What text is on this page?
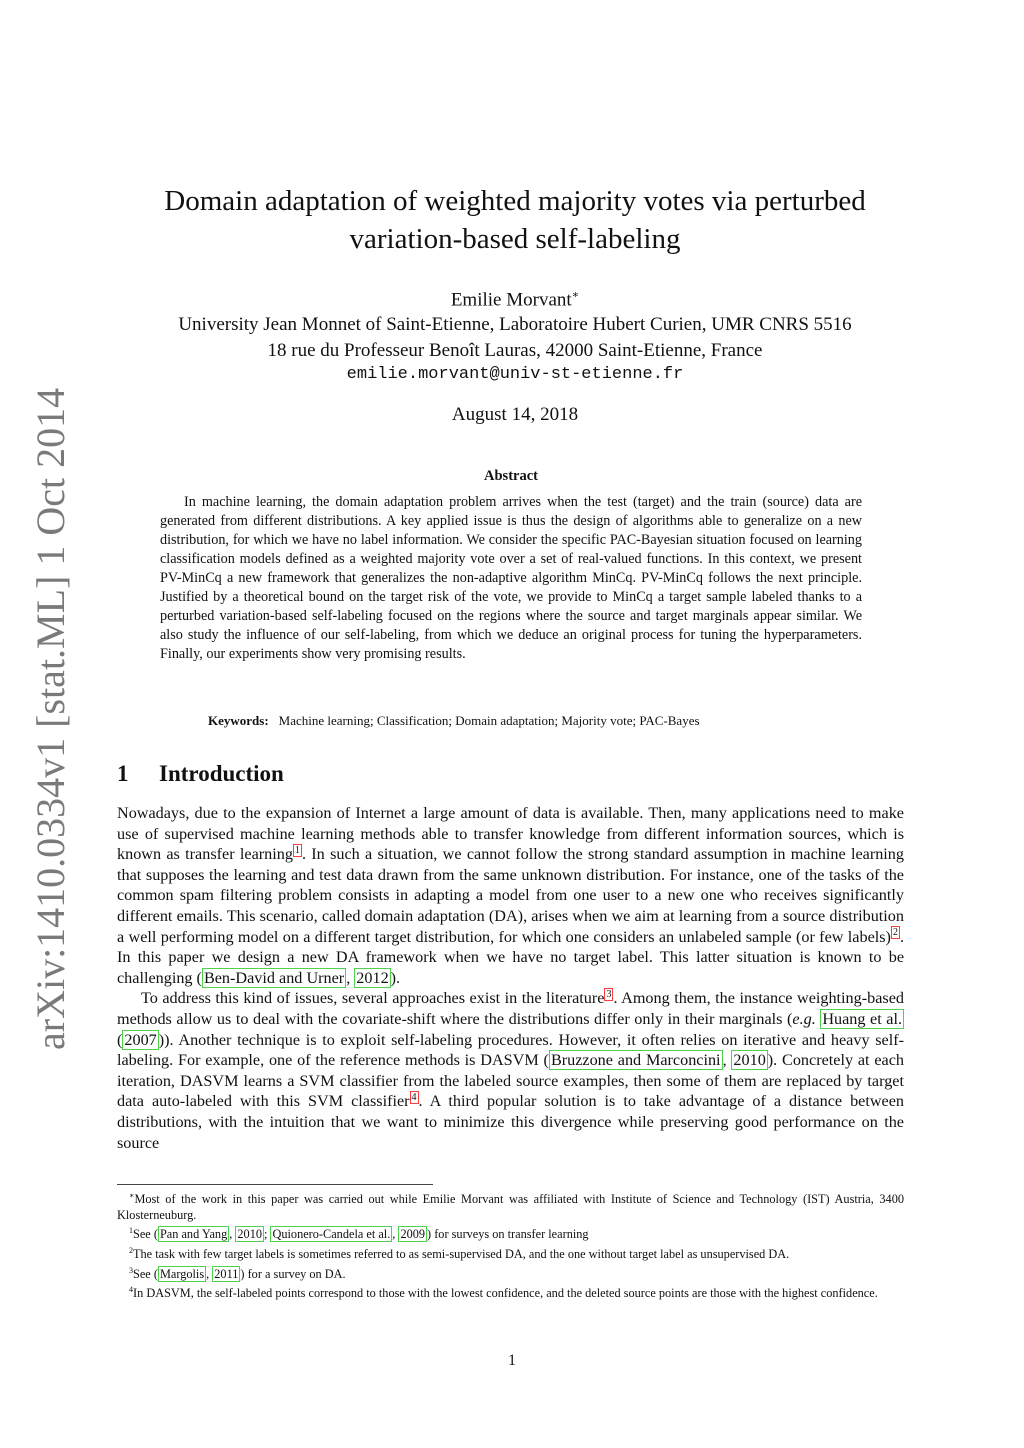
arXiv:1410.0334v1 [stat.ML] 1 Oct 2014
Domain adaptation of weighted majority votes via perturbed
variation-based self-labeling
Emilie Morvant∗
University Jean Monnet of Saint-Etienne, Laboratoire Hubert Curien, UMR CNRS 5516
18 rue du Professeur Benoît Lauras, 42000 Saint-Etienne, France
emilie.morvant@univ-st-etienne.fr
August 14, 2018
Abstract

In machine learning, the domain adaptation problem arrives when the test (target) and the train (source) data are generated from different distributions. A key applied issue is thus the design of algorithms able to generalize on a new distribution, for which we have no label information. We consider the specific PAC-Bayesian situation focused on learning classification models defined as a weighted majority vote over a set of real-valued functions. In this context, we present PV-MinCq a new framework that generalizes the non-adaptive algorithm MinCq. PV-MinCq follows the next principle. Justified by a theoretical bound on the target risk of the vote, we provide to MinCq a target sample labeled thanks to a perturbed variation-based self-labeling focused on the regions where the source and target marginals appear similar. We also study the influence of our self-labeling, from which we deduce an original process for tuning the hyperparameters. Finally, our experiments show very promising results.

Keywords: Machine learning; Classification; Domain adaptation; Majority vote; PAC-Bayes
1 Introduction

Nowadays, due to the expansion of Internet a large amount of data is available. Then, many applications need to make use of supervised machine learning methods able to transfer knowledge from different information sources, which is known as transfer learning $^1$ . In such a situation, we cannot follow the strong standard assumption in machine learning that supposes the learning and test data drawn from the same unknown distribution. For instance, one of the tasks of the common spam filtering problem consists in adapting a model from one user to a new one who receives significantly different emails. This scenario, called domain adaptation (DA), arises when we aim at learning from a source distribution a well performing model on a different target distribution, for which one considers an unlabeled sample (or few labels) $^2$ . In this paper we design a new DA framework when we have no target label. This latter situation is known to be challenging ( Ben-David and Urner , 2012 ).

To address this kind of issues, several approaches exist in the literature $^3$ . Among them, the instance weighting-based methods allow us to deal with the covariate-shift where the distributions differ only in their marginals (e.g. Huang et al. ( 2007 )). Another technique is to exploit self-labeling procedures. However, it often relies on iterative and heavy self-labeling. For example, one of the reference methods is DASVM ( Bruzzone and Marconcini , 2010 ). Concretely at each iteration, DASVM learns a SVM classifier from the labeled source examples, then some of them are replaced by target data auto-labeled with this SVM classifier $^4$ . A third popular solution is to take advantage of a distance between distributions, with the intuition that we want to minimize this divergence while preserving good performance on the source

∗Most of the work in this paper was carried out while Emilie Morvant was affiliated with Institute of Science and Technology (IST) Austria, 3400 Klosterneuburg.

$^1$See ( Pan and Yang , 2010 ; Quionero-Candela et al. , 2009 ) for surveys on transfer learning

$^2$The task with few target labels is sometimes referred to as semi-supervised DA, and the one without target label as unsupervised DA.

$^3$See ( Margolis , 2011 ) for a survey on DA.

$^4$In DASVM, the self-labeled points correspond to those with the lowest confidence, and the deleted source points are those with the highest confidence.

1
